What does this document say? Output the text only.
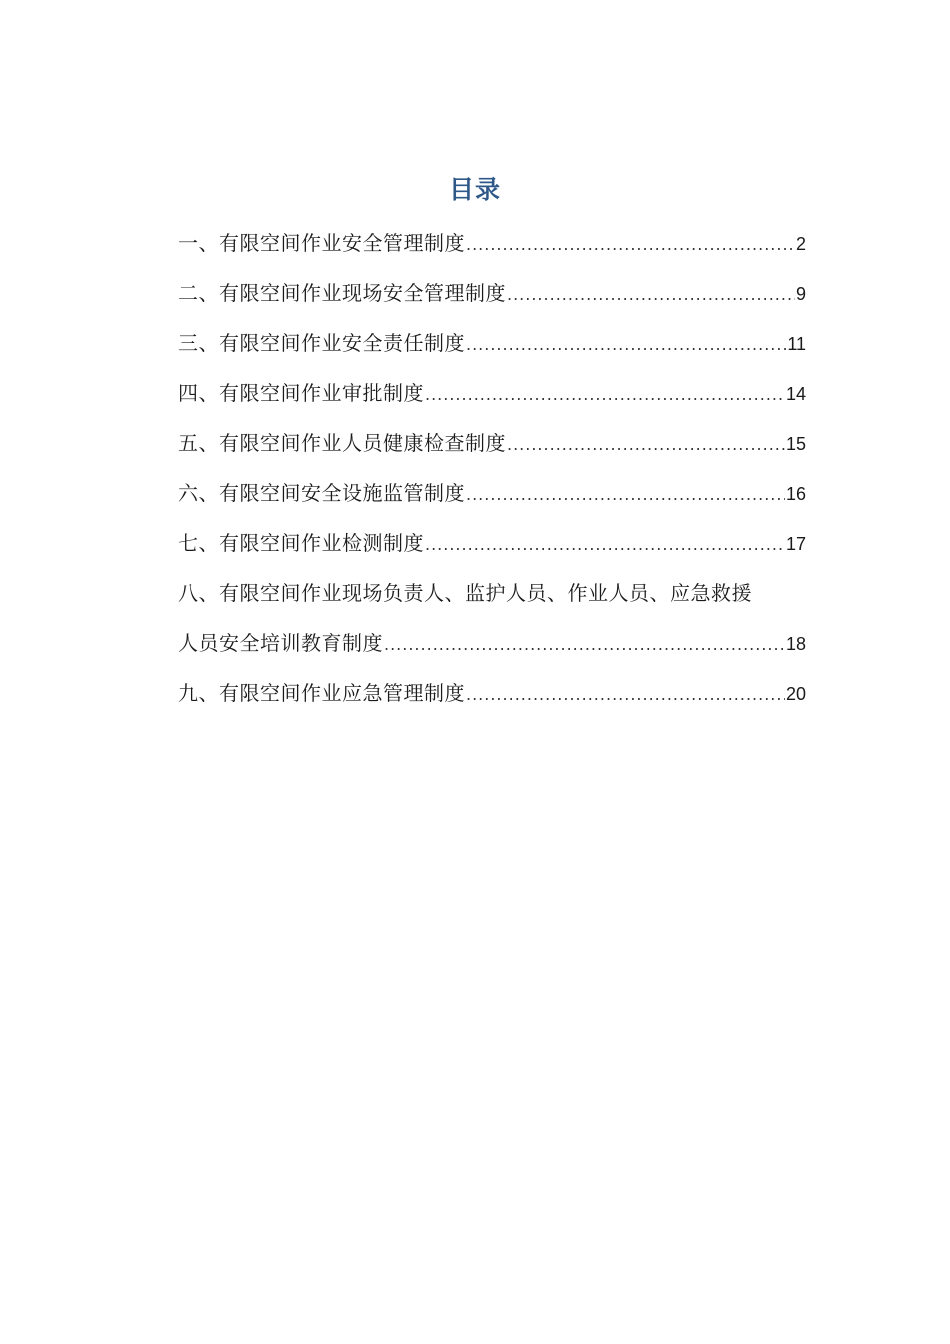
目录
一、有限空间作业安全管理制度 .....	2
二、有限空间作业现场安全管理制度 .....	9
三、有限空间作业安全责任制度 .....	11
四、有限空间作业审批制度 .....	14
五、有限空间作业人员健康检查制度 .....	15
六、有限空间安全设施监管制度 .....	16
七、有限空间作业检测制度 .....	17
八、有限空间作业现场负责人、监护人员、作业人员、应急救援
人员安全培训教育制度 .....	18
九、有限空间作业应急管理制度 .....	20
